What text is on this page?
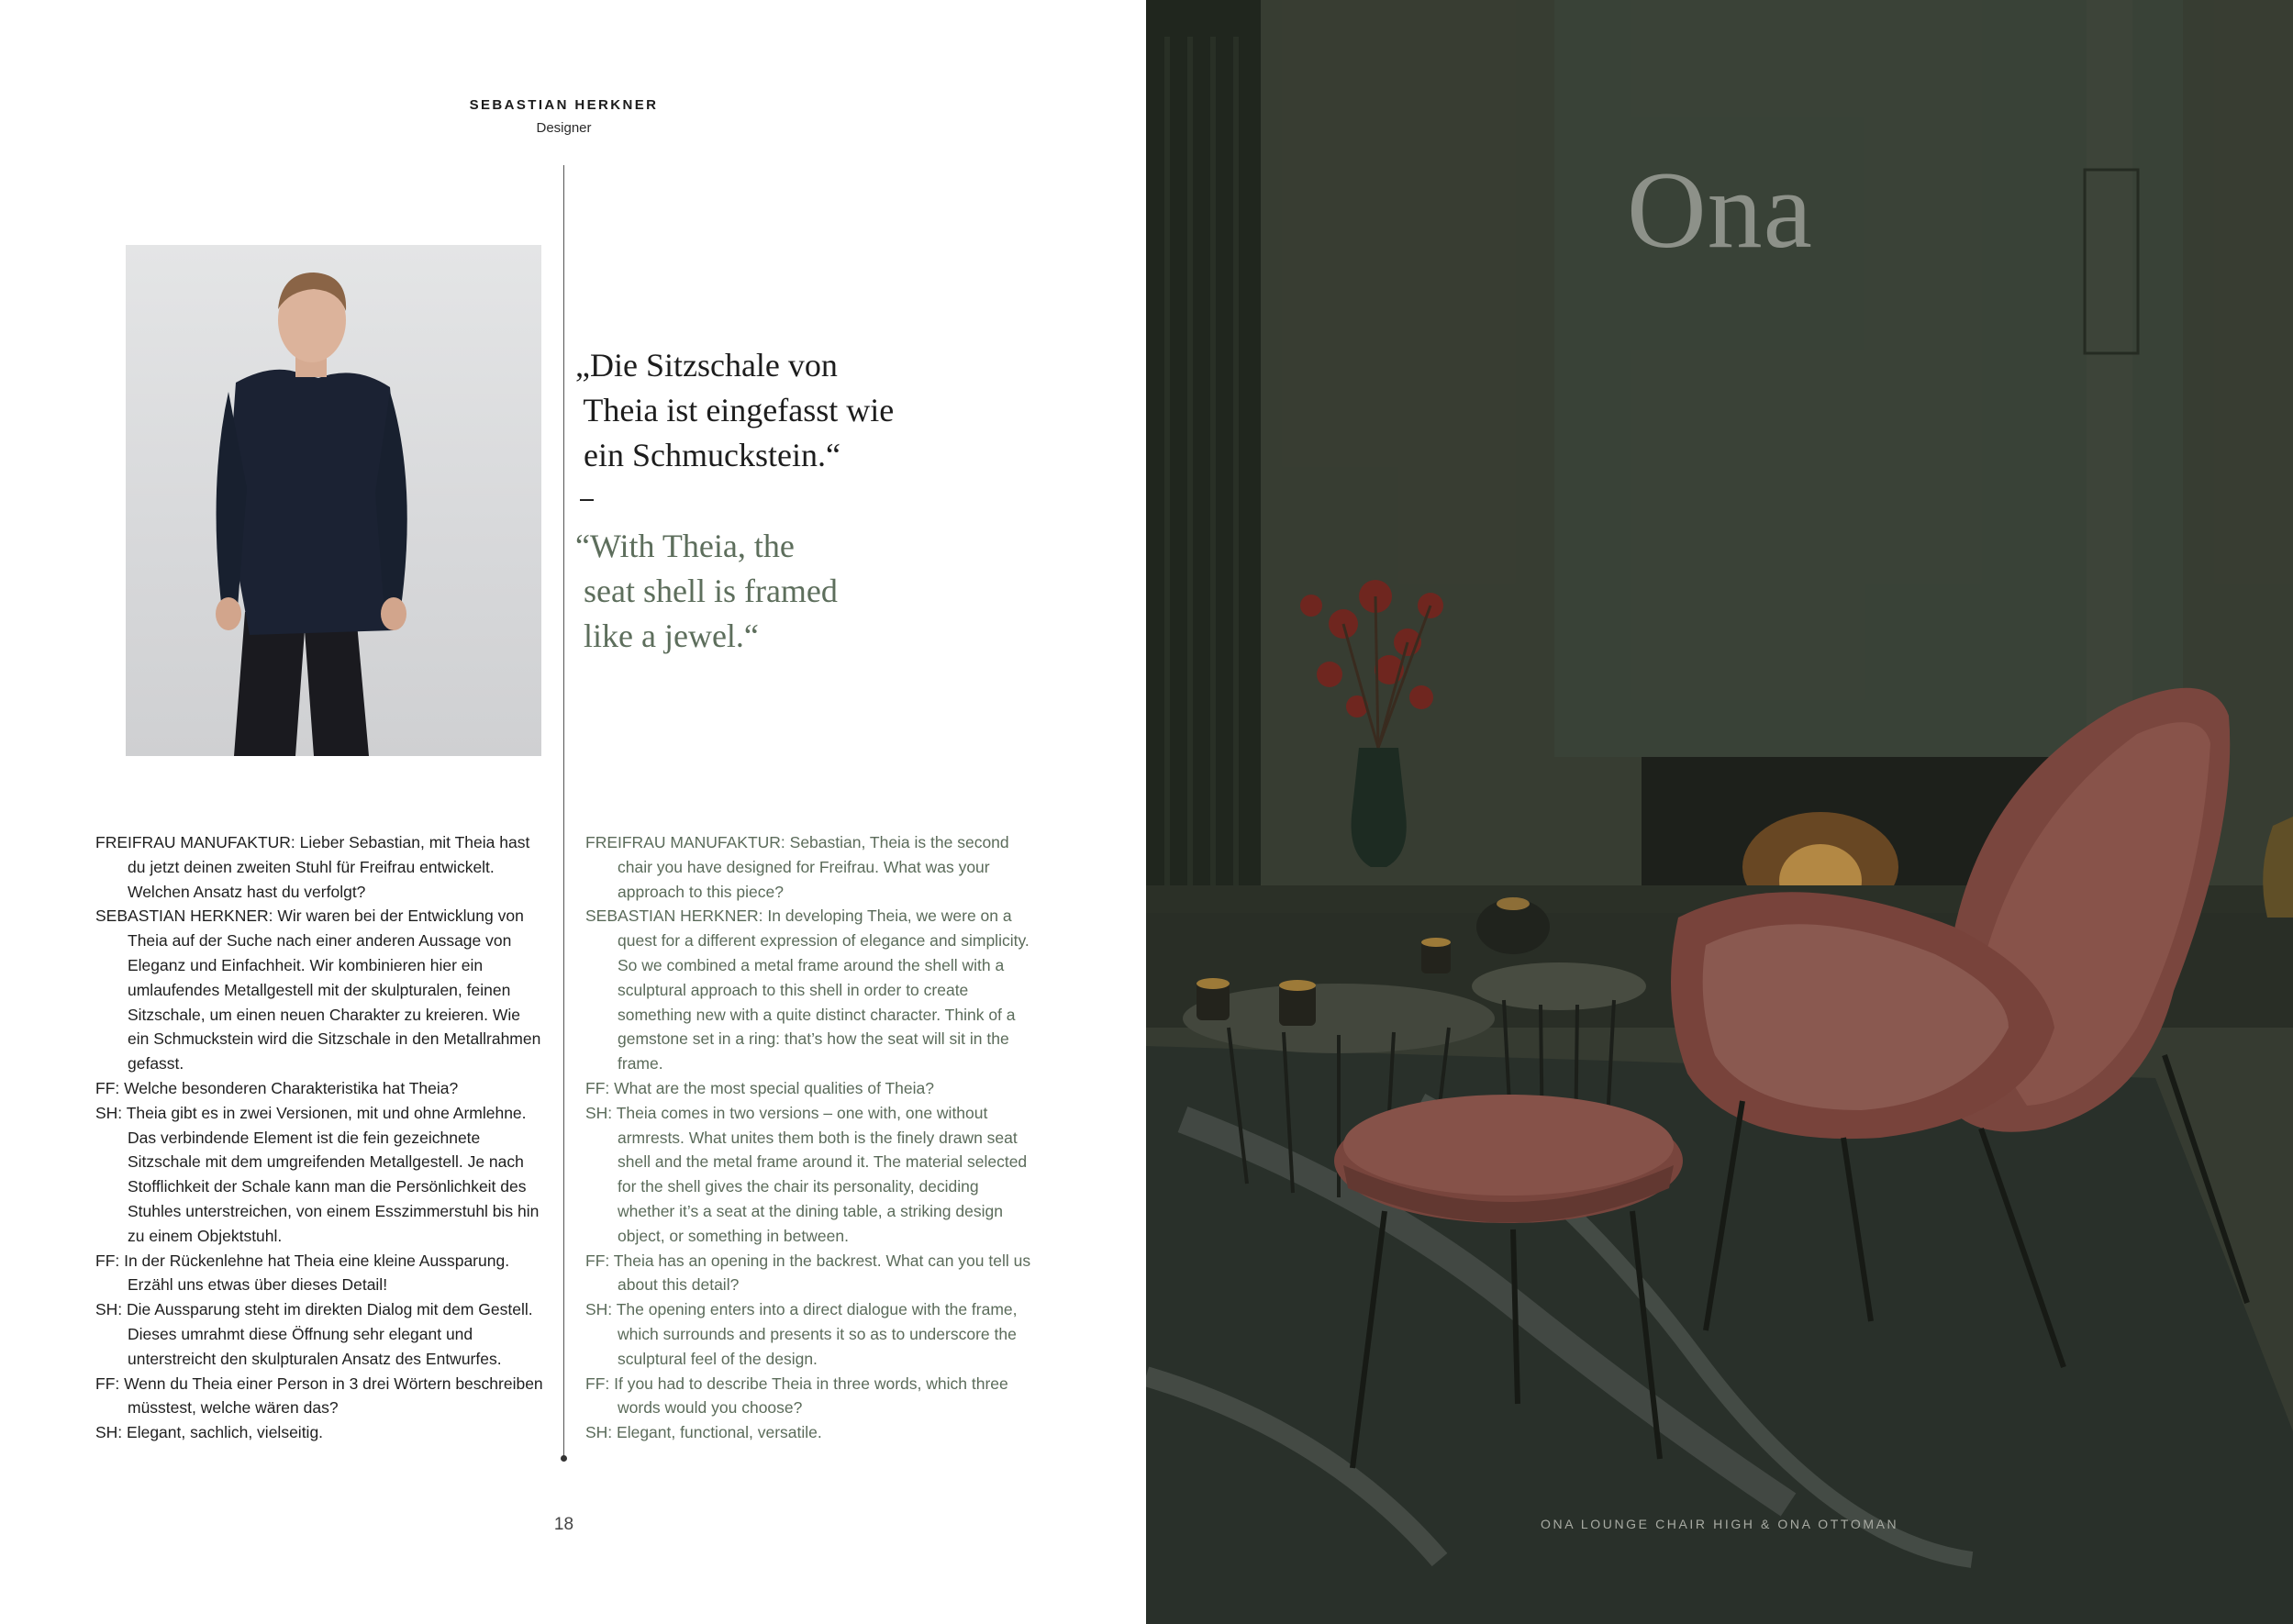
SEBASTIAN HERKNER
Designer
„Die Sitzschale von
Theia ist eingefasst wie
ein Schmuckstein.“
“With Theia, the
seat shell is framed
like a jewel.“

FREIFRAU MANUFAKTUR: Lieber Sebastian, mit Theia hast du jetzt deinen zweiten Stuhl für Freifrau entwickelt. Welchen Ansatz hast du verfolgt?

SEBASTIAN HERKNER: Wir waren bei der Entwicklung von Theia auf der Suche nach einer anderen Aussage von Eleganz und Einfachheit. Wir kombinieren hier ein umlaufendes Metallgestell mit der skulpturalen, feinen Sitzschale, um einen neuen Charakter zu kreieren. Wie ein Schmuckstein wird die Sitzschale in den Metallrahmen gefasst.

FF: Welche besonderen Charakteristika hat Theia?

SH: Theia gibt es in zwei Versionen, mit und ohne Armlehne. Das verbindende Element ist die fein gezeichnete Sitzschale mit dem umgreifenden Metallgestell. Je nach Stofflichkeit der Schale kann man die Persönlichkeit des Stuhles unterstreichen, von einem Esszimmerstuhl bis hin zu einem Objektstuhl.

FF: In der Rückenlehne hat Theia eine kleine Aussparung. Erzähl uns etwas über dieses Detail!

SH: Die Aussparung steht im direkten Dialog mit dem Gestell. Dieses umrahmt diese Öffnung sehr elegant und unterstreicht den skulpturalen Ansatz des Entwurfes.

FF: Wenn du Theia einer Person in 3 drei Wörtern beschreiben müsstest, welche wären das?

SH: Elegant, sachlich, vielseitig.

FREIFRAU MANUFAKTUR: Sebastian, Theia is the second chair you have designed for Freifrau. What was your approach to this piece?

SEBASTIAN HERKNER: In developing Theia, we were on a quest for a different expression of elegance and simplicity. So we combined a metal frame around the shell with a sculptural approach to this shell in order to create something new with a quite distinct character. Think of a gemstone set in a ring: that’s how the seat will sit in the frame.

FF: What are the most special qualities of Theia?

SH: Theia comes in two versions – one with, one without armrests. What unites them both is the finely drawn seat shell and the metal frame around it. The material selected for the shell gives the chair its personality, deciding whether it’s a seat at the dining table, a striking design object, or something in between.

FF: Theia has an opening in the backrest. What can you tell us about this detail?

SH: The opening enters into a direct dialogue with the frame, which surrounds and presents it so as to underscore the sculptural feel of the design.

FF: If you had to describe Theia in three words, which three words would you choose?

SH: Elegant, functional, versatile.

18
Ona
ONA LOUNGE CHAIR HIGH & ONA OTTOMAN
